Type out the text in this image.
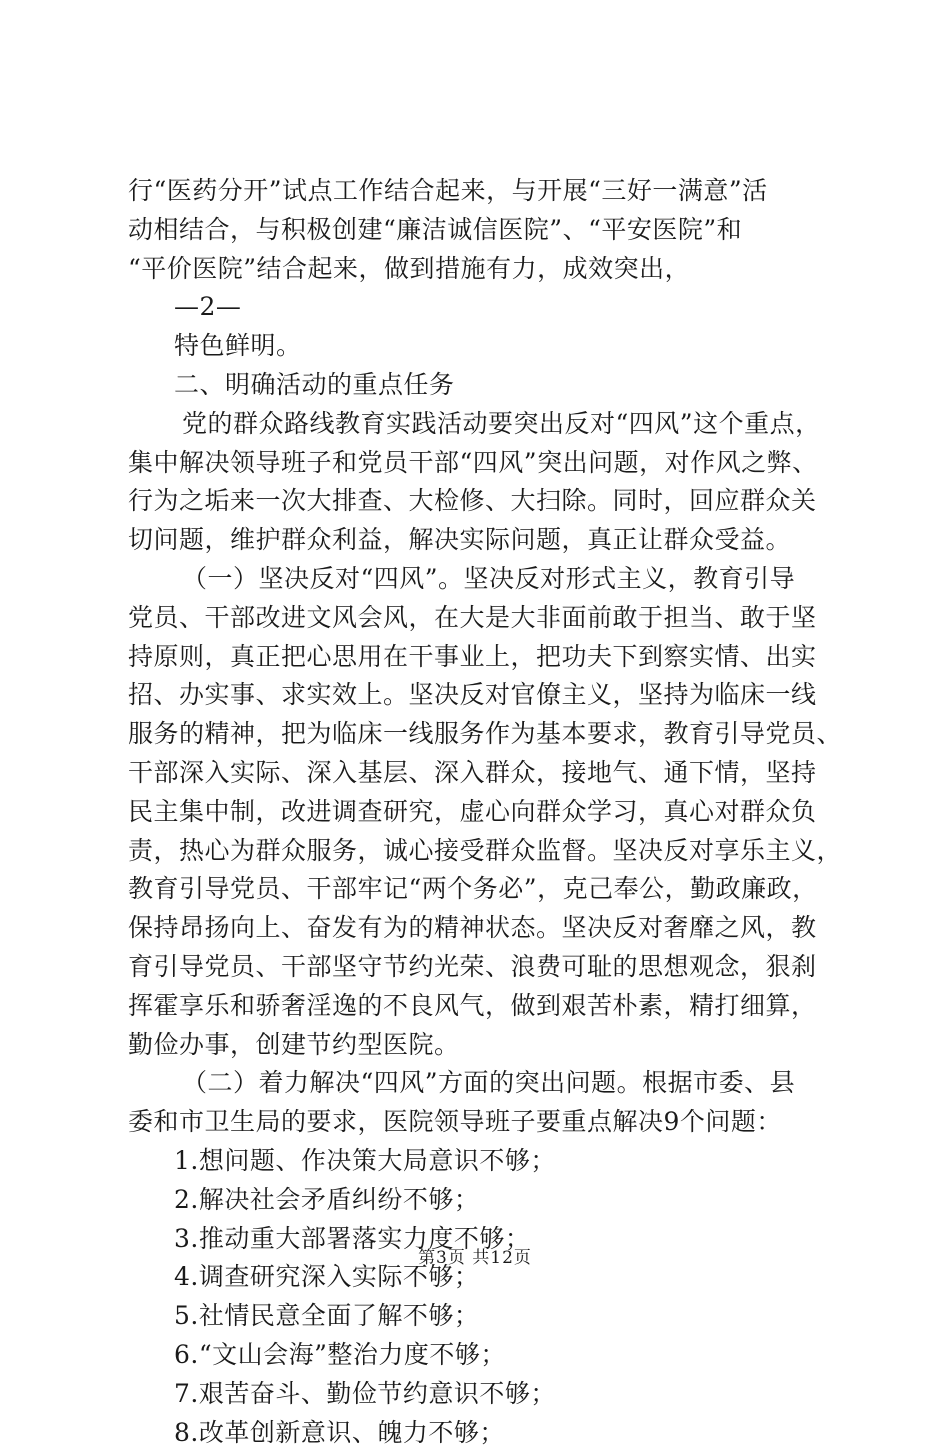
行“医药分开”试点工作结合起来，与开展“三好一满意”活
动相结合，与积极创建“廉洁诚信医院”、“平安医院”和
“平价医院”结合起来，做到措施有力，成效突出，
—2—
特色鲜明。
二、明确活动的重点任务
党的群众路线教育实践活动要突出反对“四风”这个重点，
集中解决领导班子和党员干部“四风”突出问题，对作风之弊、
行为之垢来一次大排查、大检修、大扫除。同时，回应群众关
切问题，维护群众利益，解决实际问题，真正让群众受益。
（一）坚决反对“四风”。坚决反对形式主义，教育引导
党员、干部改进文风会风，在大是大非面前敢于担当、敢于坚
持原则，真正把心思用在干事业上，把功夫下到察实情、出实
招、办实事、求实效上。坚决反对官僚主义，坚持为临床一线
服务的精神，把为临床一线服务作为基本要求，教育引导党员、
干部深入实际、深入基层、深入群众，接地气、通下情，坚持
民主集中制，改进调查研究，虚心向群众学习，真心对群众负
责，热心为群众服务，诚心接受群众监督。坚决反对享乐主义，
教育引导党员、干部牢记“两个务必”，克己奉公，勤政廉政，
保持昂扬向上、奋发有为的精神状态。坚决反对奢靡之风，教
育引导党员、干部坚守节约光荣、浪费可耻的思想观念，狠刹
挥霍享乐和骄奢淫逸的不良风气，做到艰苦朴素，精打细算，
勤俭办事，创建节约型医院。
（二）着力解决“四风”方面的突出问题。根据市委、县
委和市卫生局的要求，医院领导班子要重点解决9个问题：
1.想问题、作决策大局意识不够；
2.解决社会矛盾纠纷不够；
3.推动重大部署落实力度不够；
4.调查研究深入实际不够；
5.社情民意全面了解不够；
6.“文山会海”整治力度不够；
7.艰苦奋斗、勤俭节约意识不够；
8.改革创新意识、魄力不够；
第3页 共12页
